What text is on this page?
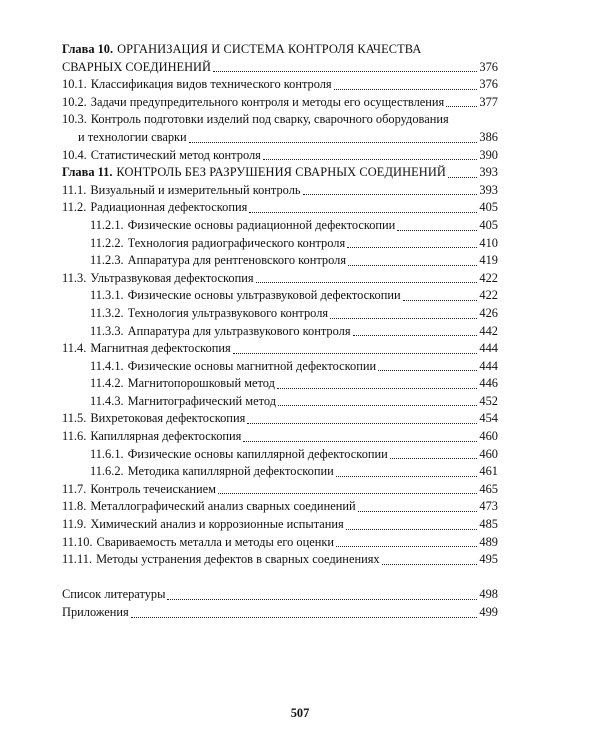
Глава 10. ОРГАНИЗАЦИЯ И СИСТЕМА КОНТРОЛЯ КАЧЕСТВА
СВАРНЫХ СОЕДИНЕНИЙ	376
10.1. Классификация видов технического контроля	376
10.2. Задачи предупредительного контроля и методы его осуществления	377
10.3. Контроль подготовки изделий под сварку, сварочного оборудования
и технологии сварки	386
10.4. Статистический метод контроля	390
Глава 11. КОНТРОЛЬ БЕЗ РАЗРУШЕНИЯ СВАРНЫХ СОЕДИНЕНИЙ	393
11.1. Визуальный и измерительный контроль	393
11.2. Радиационная дефектоскопия	405
11.2.1. Физические основы радиационной дефектоскопии	405
11.2.2. Технология радиографического контроля	410
11.2.3. Аппаратура для рентгеновского контроля	419
11.3. Ультразвуковая дефектоскопия	422
11.3.1. Физические основы ультразвуковой дефектоскопии	422
11.3.2. Технология ультразвукового контроля	426
11.3.3. Аппаратура для ультразвукового контроля	442
11.4. Магнитная дефектоскопия	444
11.4.1. Физические основы магнитной дефектоскопии	444
11.4.2. Магнитопорошковый метод	446
11.4.3. Магнитографический метод	452
11.5. Вихретоковая дефектоскопия	454
11.6. Капиллярная дефектоскопия	460
11.6.1. Физические основы капиллярной дефектоскопии	460
11.6.2. Методика капиллярной дефектоскопии	461
11.7. Контроль течеисканием	465
11.8. Металлографический анализ сварных соединений	473
11.9. Химический анализ и коррозионные испытания	485
11.10. Свариваемость металла и методы его оценки	489
11.11. Методы устранения дефектов в сварных соединениях	495
Список литературы	498
Приложения	499
507
